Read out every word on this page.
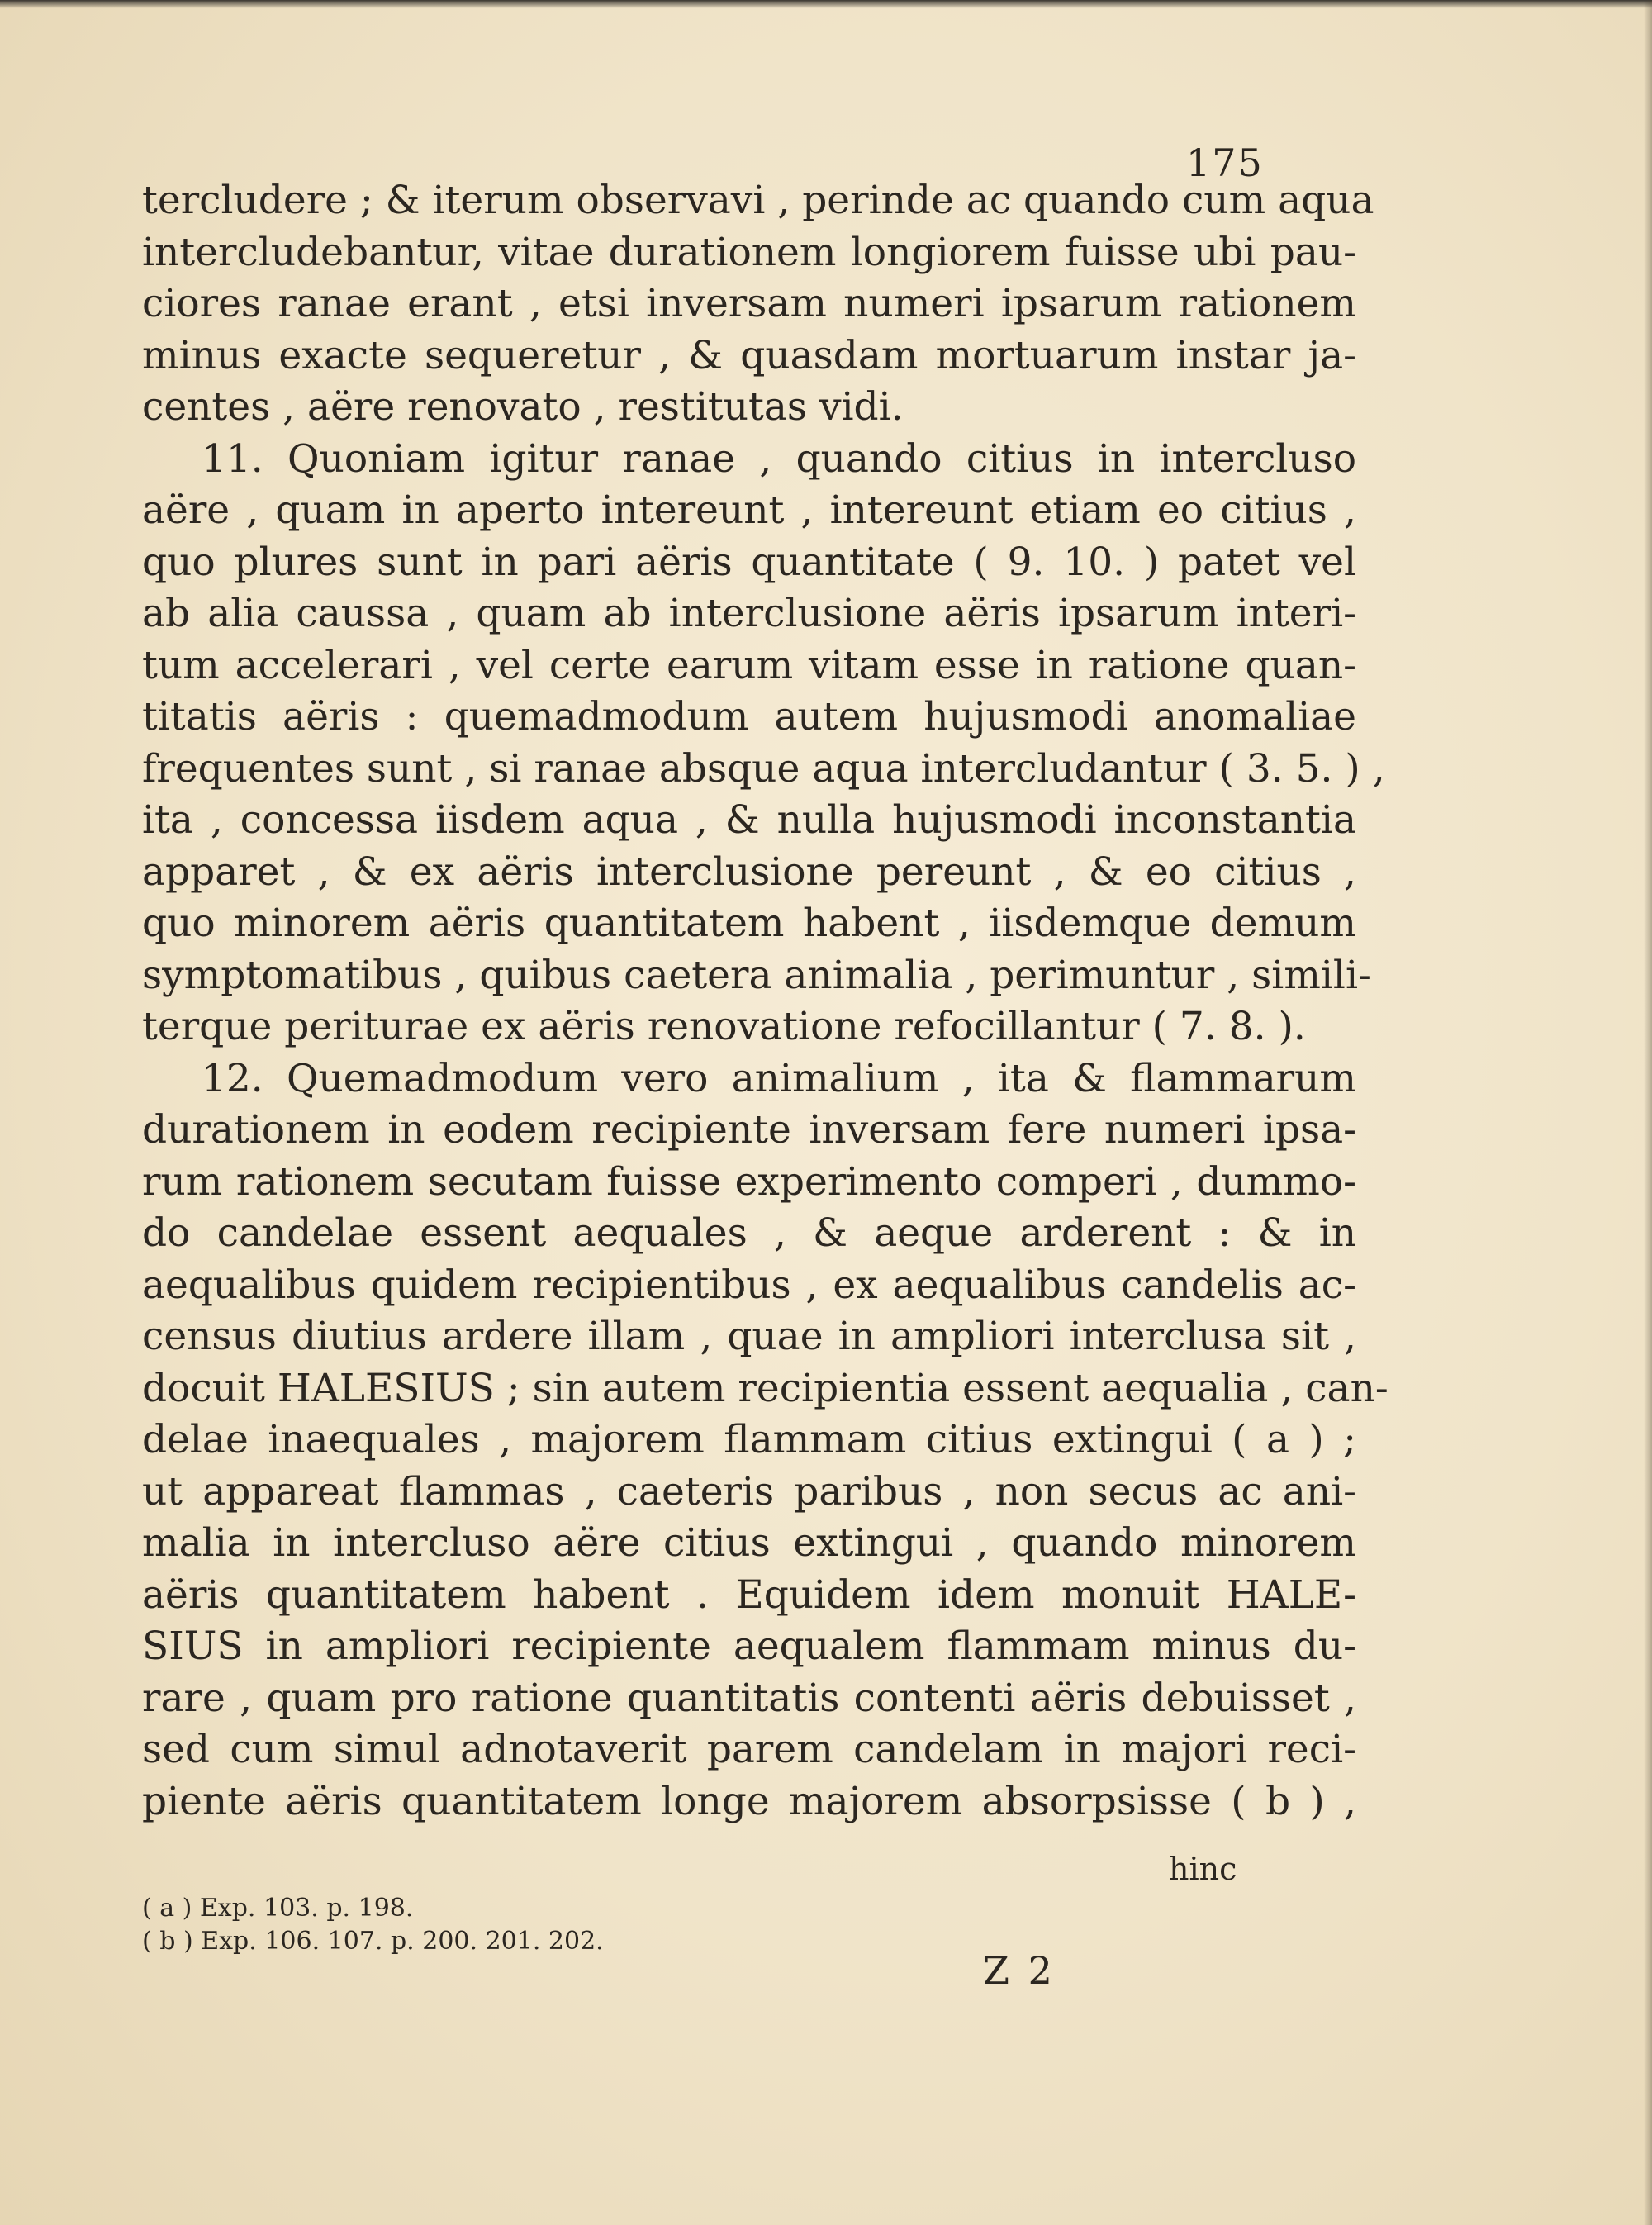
175
tercludere ; & iterum observavi , perinde ac quando cum aqua
intercludebantur, vitae durationem longiorem fuisse ubi pau-
ciores ranae erant , etsi inversam numeri ipsarum rationem
minus exacte sequeretur , & quasdam mortuarum instar ja-
centes , aëre renovato , restitutas vidi.
11. Quoniam igitur ranae , quando citius in intercluso
aëre , quam in aperto intereunt , intereunt etiam eo citius ,
quo plures sunt in pari aëris quantitate ( 9. 10. ) patet vel
ab alia caussa , quam ab interclusione aëris ipsarum interi-
tum accelerari , vel certe earum vitam esse in ratione quan-
titatis aëris : quemadmodum autem hujusmodi anomaliae
frequentes sunt , si ranae absque aqua intercludantur ( 3. 5. ) ,
ita , concessa iisdem aqua , & nulla hujusmodi inconstantia
apparet , & ex aëris interclusione pereunt , & eo citius ,
quo minorem aëris quantitatem habent , iisdemque demum
symptomatibus , quibus caetera animalia , perimuntur , simili-
terque periturae ex aëris renovatione refocillantur ( 7. 8. ).
12. Quemadmodum vero animalium , ita & flammarum
durationem in eodem recipiente inversam fere numeri ipsa-
rum rationem secutam fuisse experimento comperi , dummo-
do candelae essent aequales , & aeque arderent : & in
aequalibus quidem recipientibus , ex aequalibus candelis ac-
census diutius ardere illam , quae in ampliori interclusa sit ,
docuit HALESIUS ; sin autem recipientia essent aequalia , can-
delae inaequales , majorem flammam citius extingui ( a ) ;
ut appareat flammas , caeteris paribus , non secus ac ani-
malia in intercluso aëre citius extingui , quando minorem
aëris quantitatem habent . Equidem idem monuit HALE-
SIUS in ampliori recipiente aequalem flammam minus du-
rare , quam pro ratione quantitatis contenti aëris debuisset ,
sed cum simul adnotaverit parem candelam in majori reci-
piente aëris quantitatem longe majorem absorpsisse ( b ) ,
hinc
( a ) Exp. 103. p. 198.
( b ) Exp. 106. 107. p. 200. 201. 202.
Z 2
